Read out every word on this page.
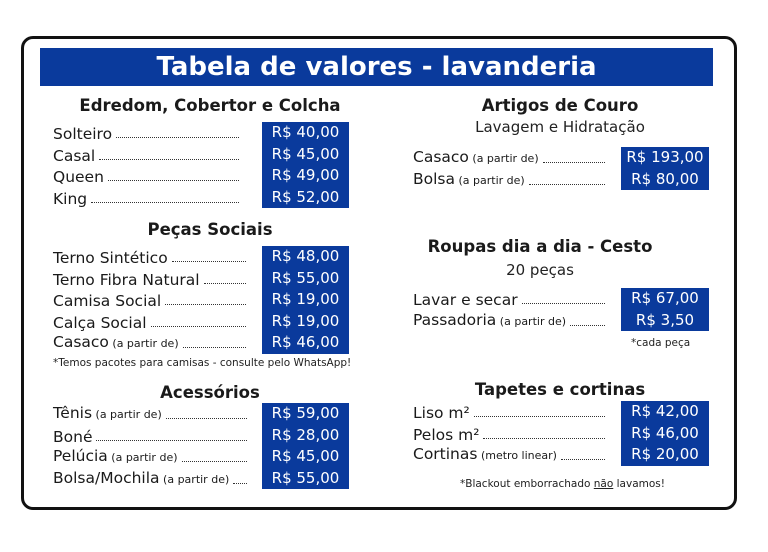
Tabela de valores - lavanderia
Edredom, Cobertor e Colcha
Solteiro	R$ 40,00
Casal	R$ 45,00
Queen	R$ 49,00
King	R$ 52,00
Peças Sociais
Terno Sintético	R$ 48,00
Terno Fibra Natural	R$ 55,00
Camisa Social	R$ 19,00
Calça Social	R$ 19,00
Casaco (a partir de)	R$ 46,00
*Temos pacotes para camisas - consulte pelo WhatsApp!
Acessórios
Tênis (a partir de)	R$ 59,00
Boné	R$ 28,00
Pelúcia (a partir de)	R$ 45,00
Bolsa/Mochila (a partir de)	R$ 55,00
Artigos de Couro
Lavagem e Hidratação
Casaco (a partir de)	R$ 193,00
Bolsa (a partir de)	R$ 80,00
Roupas dia a dia - Cesto
20 peças
Lavar e secar	R$ 67,00
Passadoria (a partir de)	R$ 3,50
*cada peça
Tapetes e cortinas
Liso m²	R$ 42,00
Pelos m²	R$ 46,00
Cortinas (metro linear)	R$ 20,00
*Blackout emborrachado não lavamos!
